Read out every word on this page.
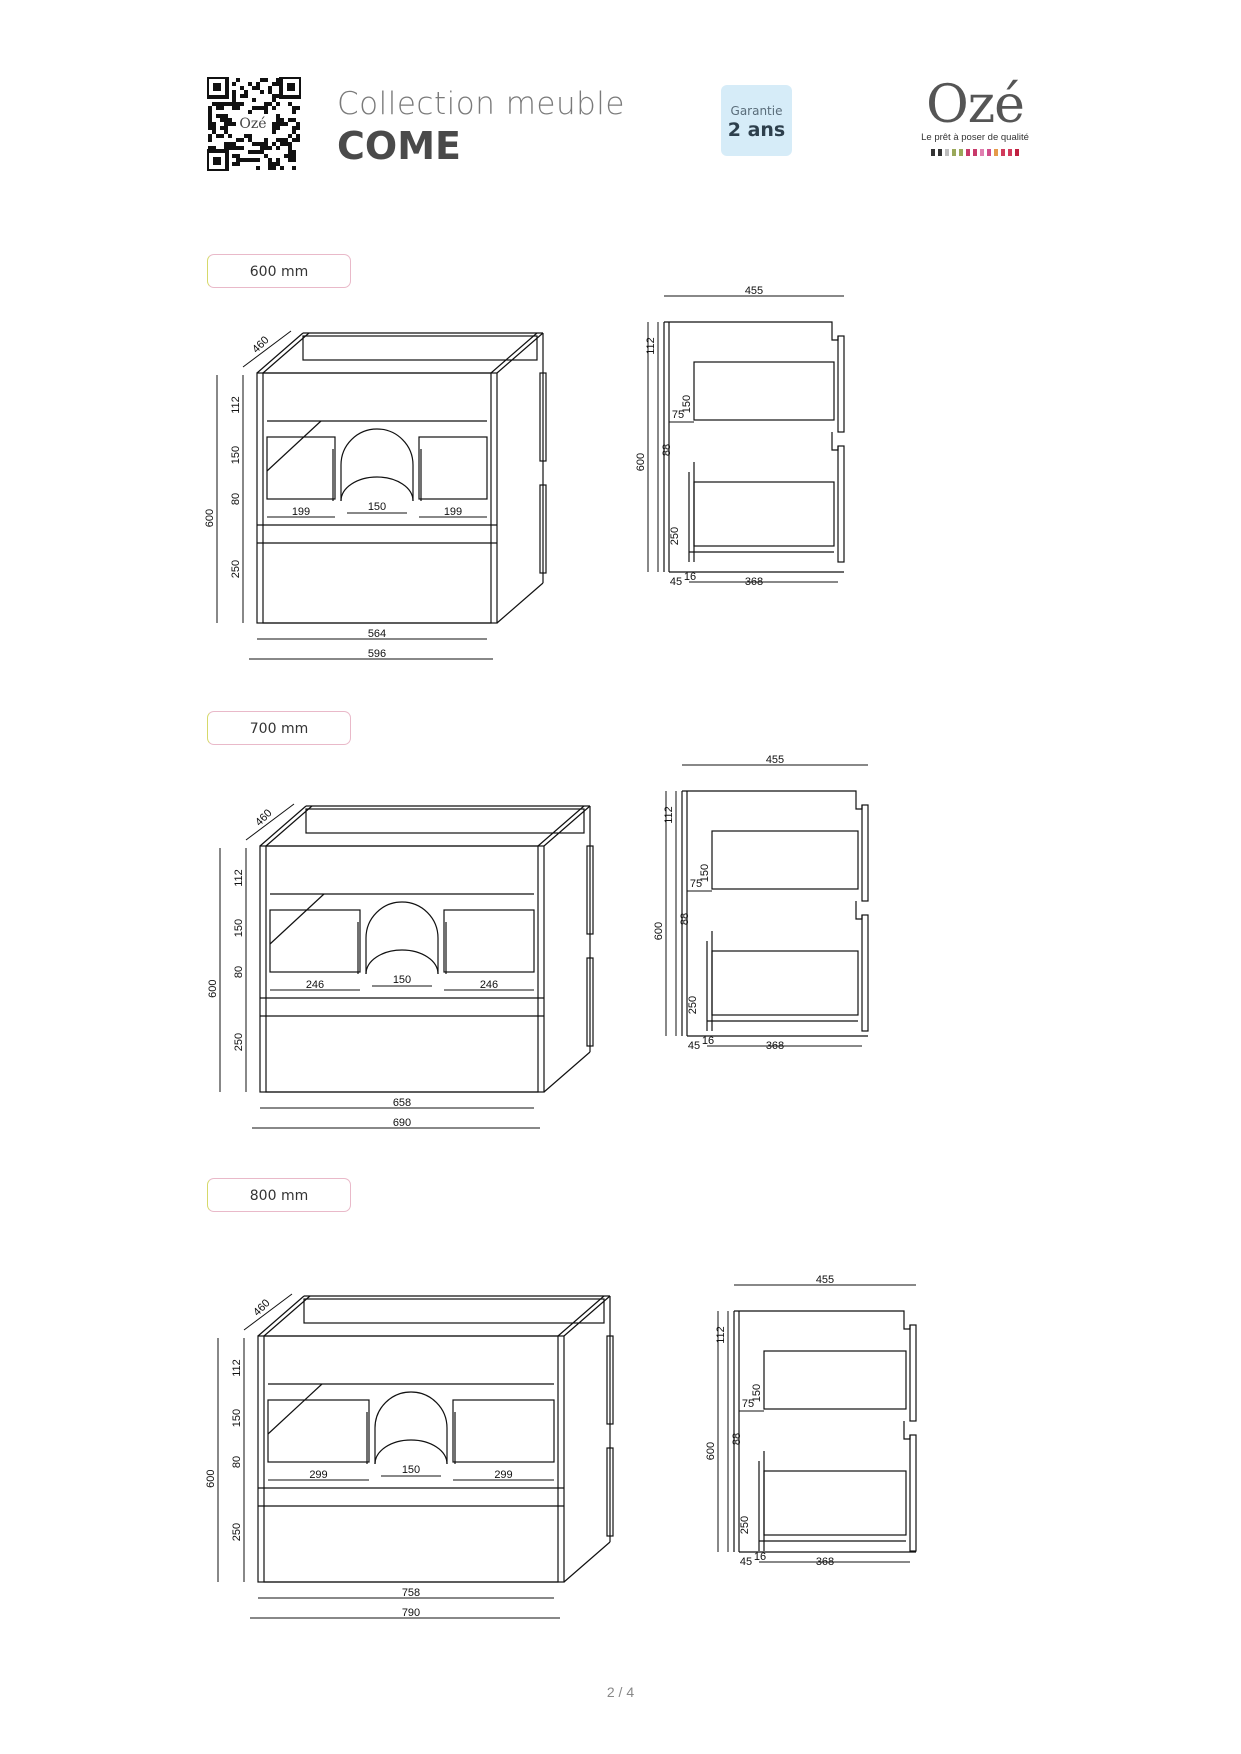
Ozé
Collection meuble
COME
Garantie
2 ans	Ozé
Le prêt à poser de qualité
600 mm
700 mm
800 mm
199	150	199
564
596
460
600
112
150
80
250
455
600
112
150
75
88
250
45 16	368
246	150	246
658
690
460
600
112
150
80
250
455
600
112
150
75
88
250
45 16	368
299	150	299
758
790
460
600
112
150
80
250
455
600
112
150
75
88
250
45 16	368
2 / 4
